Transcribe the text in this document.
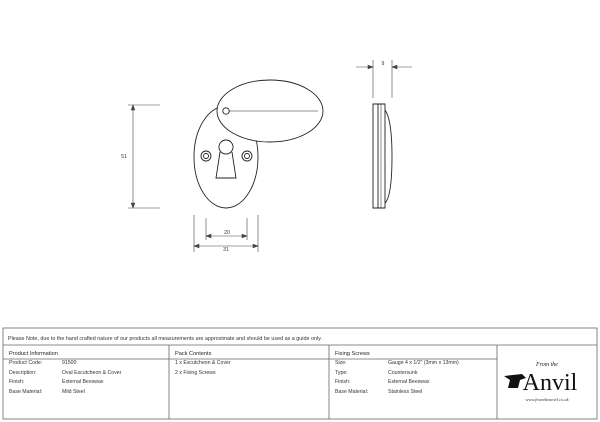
51
20
31
9
Please Note, due to the hand crafted nature of our products all measurements are approximate and should be used as a guide only.
Product Information
Product Code:	91500
Description:	Oval Escutcheon & Cover
Finish:	External Beeswax
Base Material:	Mild Steel
Pack Contents
1 x Escutcheon & Cover
2 x Fixing Screws
Fixing Screws
Size:	Gauge 4 x 1/2" (3mm x 13mm)
Type:	Countersunk
Finish:	External Beeswax
Base Material:	Stainless Steel
From the
Anvil
www.fromtheanvil.co.uk
